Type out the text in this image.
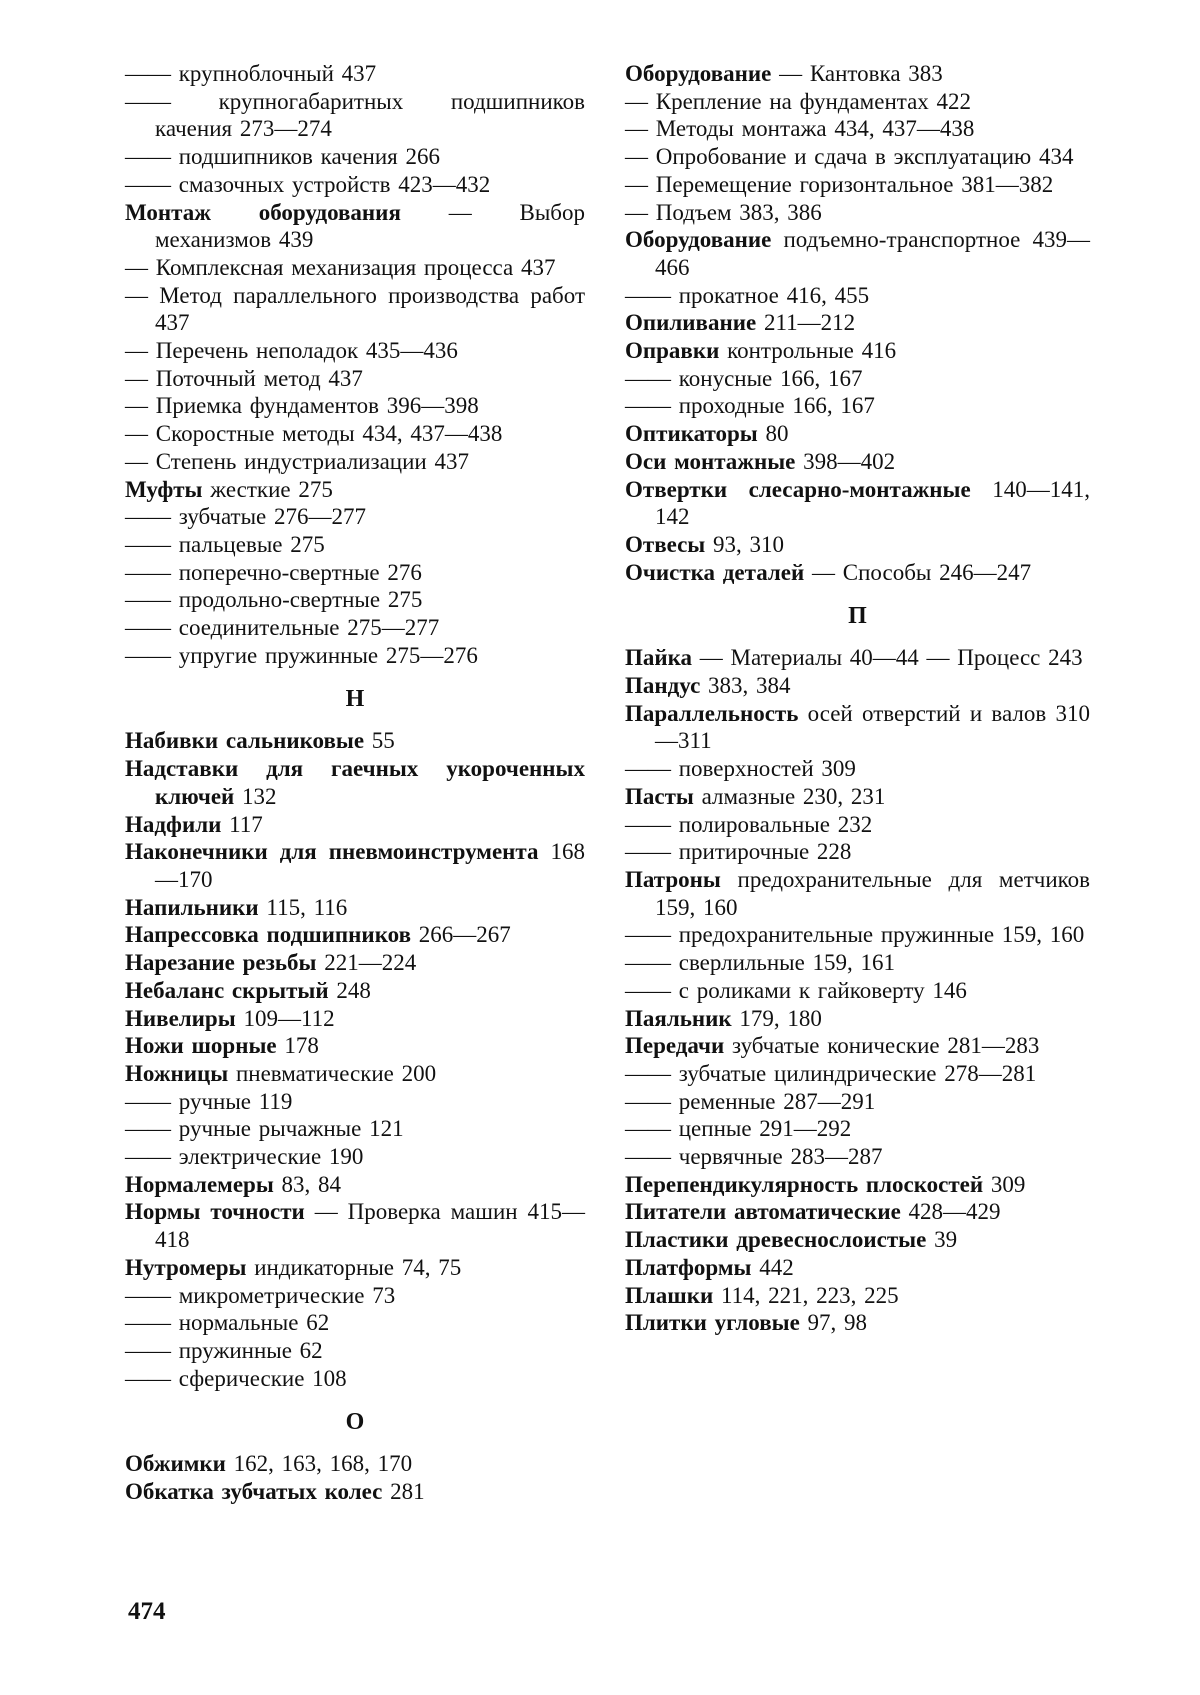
—— крупноблочный 437
—— крупногабаритных подшипников качения 273—274
—— подшипников качения 266
—— смазочных устройств 423—432
Монтаж оборудования — Выбор механизмов 439
— Комплексная механизация процесса 437
— Метод параллельного производства работ 437
— Перечень неполадок 435—436
— Поточный метод 437
— Приемка фундаментов 396—398
— Скоростные методы 434, 437—438
— Степень индустриализации 437
Муфты жесткие 275
—— зубчатые 276—277
—— пальцевые 275
—— поперечно-свертные 276
—— продольно-свертные 275
—— соединительные 275—277
—— упругие пружинные 275—276
Н
Набивки сальниковые 55
Надставки для гаечных укороченных ключей 132
Надфили 117
Наконечники для пневмоинструмента 168—170
Напильники 115, 116
Напрессовка подшипников 266—267
Нарезание резьбы 221—224
Небаланс скрытый 248
Нивелиры 109—112
Ножи шорные 178
Ножницы пневматические 200
—— ручные 119
—— ручные рычажные 121
—— электрические 190
Нормалемеры 83, 84
Нормы точности — Проверка машин 415—418
Нутромеры индикаторные 74, 75
—— микрометрические 73
—— нормальные 62
—— пружинные 62
—— сферические 108
О
Обжимки 162, 163, 168, 170
Обкатка зубчатых колес 281
Оборудование — Кантовка 383
— Крепление на фундаментах 422
— Методы монтажа 434, 437—438
— Опробование и сдача в эксплуатацию 434
— Перемещение горизонтальное 381—382
— Подъем 383, 386
Оборудование подъемно-транспортное 439—466
—— прокатное 416, 455
Опиливание 211—212
Оправки контрольные 416
—— конусные 166, 167
—— проходные 166, 167
Оптикаторы 80
Оси монтажные 398—402
Отвертки слесарно-монтажные 140—141, 142
Отвесы 93, 310
Очистка деталей — Способы 246—247
П
Пайка — Материалы 40—44 — Процесс 243
Пандус 383, 384
Параллельность осей отверстий и валов 310—311
—— поверхностей 309
Пасты алмазные 230, 231
—— полировальные 232
—— притирочные 228
Патроны предохранительные для метчиков 159, 160
—— предохранительные пружинные 159, 160
—— сверлильные 159, 161
—— с роликами к гайковерту 146
Паяльник 179, 180
Передачи зубчатые конические 281—283
—— зубчатые цилиндрические 278—281
—— ременные 287—291
—— цепные 291—292
—— червячные 283—287
Перепендикулярность плоскостей 309
Питатели автоматические 428—429
Пластики древеснослоистые 39
Платформы 442
Плашки 114, 221, 223, 225
Плитки угловые 97, 98
474
